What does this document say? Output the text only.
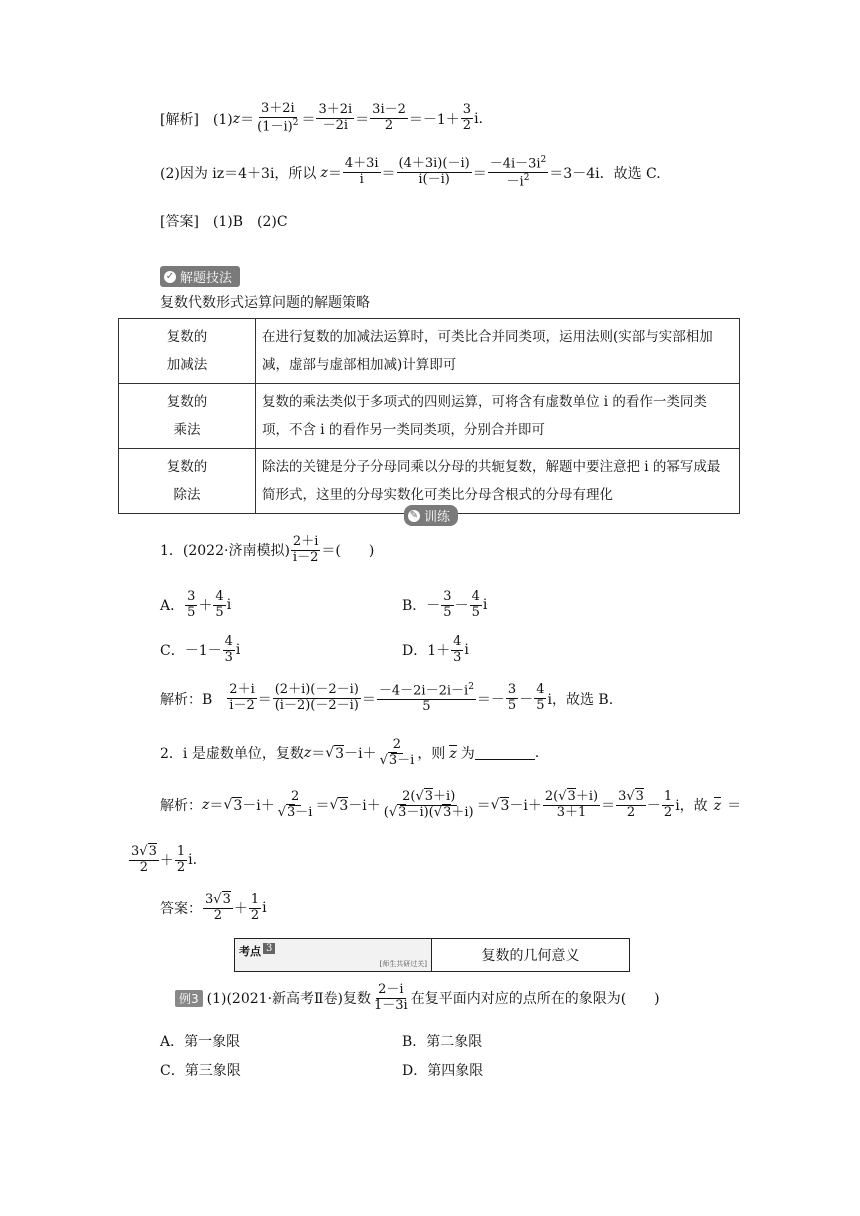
[解析]　(1) $z = \frac{3+2i}{(1-i)^2} = \frac{3+2i}{-2i} = \frac{3i-2}{2} =-1+ \frac{3}{2} i$.
(2)因为 iz＝4＋3i，所以 $z = \frac{4+3i}{i} = \frac{(4+3i)(-i)}{i(-i)} = \frac{-4i-3i^2}{-i^2} =3-4i$．故选 C.
[答案]　(1)B　(2)C
✓ 解题技法
复数代数形式运算问题的解题策略
复数的
加减法	在进行复数的加减法运算时，可类比合并同类项，运用法则(实部与实部相加减，虚部与虚部相加减)计算即可
复数的
乘法	复数的乘法类似于多项式的四则运算，可将含有虚数单位 i 的看作一类同类项，不含 i 的看作另一类同类项，分别合并即可
复数的
除法	除法的关键是分子分母同乘以分母的共轭复数，解题中要注意把 i 的幂写成最简形式，这里的分母实数化可类比分母含根式的分母有理化
✎ 训练
1．(2022·济南模拟) $\frac{2+i}{i-2}$ ＝(　　)
A． $\frac{3}{5} + \frac{4}{5}$ i	B．－ $\frac{3}{5} - \frac{4}{5}$ i
C．$-1- \frac{4}{3}$ i	D．$1+ \frac{4}{3}$ i
解析：B　 $\frac{2+i}{i-2} = \frac{(2+i)(-2-i)}{(i-2)(-2-i)} = \frac{-4-2i-2i-i^2}{5} =- \frac{3}{5} - \frac{4}{5}$ i，故选 B.
2．i 是虚数单位，复数 z ＝ √ 3 －i＋ 2
√ 3－i ，则 z 为	.
解析： z ＝ √ 3 －i＋ 2
√ 3－i ＝ √ $3 -i+ \frac{2( √ 3+i)}{( √ 3-i)( √ 3+i)}$ ＝ √ $3 -i+ \frac{2( √ 3+i)}{3+1} = \frac{3 √ 3}{2} - \frac{1}{2}$ i，故 z ＝
$\frac{3 √ 3}{2} + \frac{1}{2} i$.
答案： $\frac{3 √ 3}{2} + \frac{1}{2}$ i
考点 3
[师生共研过关]	复数的几何意义
例3 (1)(2021·新高考Ⅱ卷)复数 $\frac{2-i}{1-3i}$ 在复平面内对应的点所在的象限为(　　)
A．第一象限	B．第二象限
C．第三象限	D．第四象限
